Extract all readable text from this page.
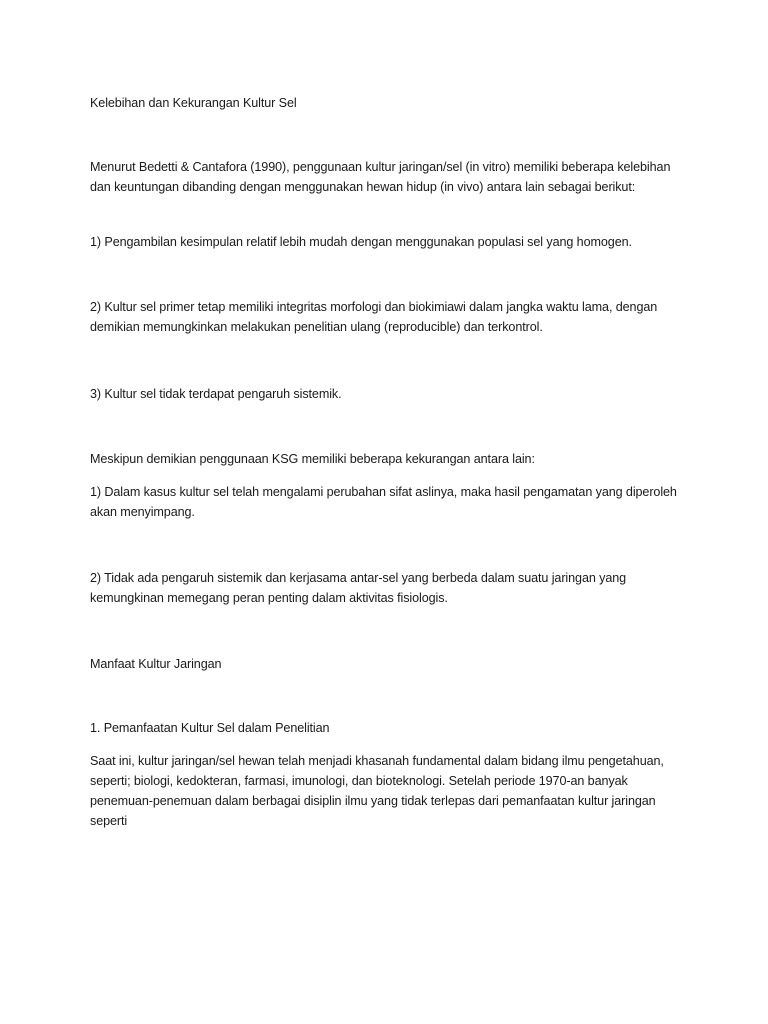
Kelebihan dan Kekurangan Kultur Sel

Menurut Bedetti & Cantafora (1990), penggunaan kultur jaringan/sel (in vitro) memiliki beberapa kelebihan dan keuntungan dibanding dengan menggunakan hewan hidup (in vivo) antara lain sebagai berikut:

1) Pengambilan kesimpulan relatif lebih mudah dengan menggunakan populasi sel yang homogen.

2) Kultur sel primer tetap memiliki integritas morfologi dan biokimiawi dalam jangka waktu lama, dengan demikian memungkinkan melakukan penelitian ulang (reproducible) dan terkontrol.

3) Kultur sel tidak terdapat pengaruh sistemik.

Meskipun demikian penggunaan KSG memiliki beberapa kekurangan antara lain:

1) Dalam kasus kultur sel telah mengalami perubahan sifat aslinya, maka hasil pengamatan yang diperoleh akan menyimpang.

2) Tidak ada pengaruh sistemik dan kerjasama antar-sel yang berbeda dalam suatu jaringan yang kemungkinan memegang peran penting dalam aktivitas fisiologis.

Manfaat Kultur Jaringan

1. Pemanfaatan Kultur Sel dalam Penelitian

Saat ini, kultur jaringan/sel hewan telah menjadi khasanah fundamental dalam bidang ilmu pengetahuan, seperti; biologi, kedokteran, farmasi, imunologi, dan bioteknologi. Setelah periode 1970-an banyak penemuan-penemuan dalam berbagai disiplin ilmu yang tidak terlepas dari pemanfaatan kultur jaringan seperti
